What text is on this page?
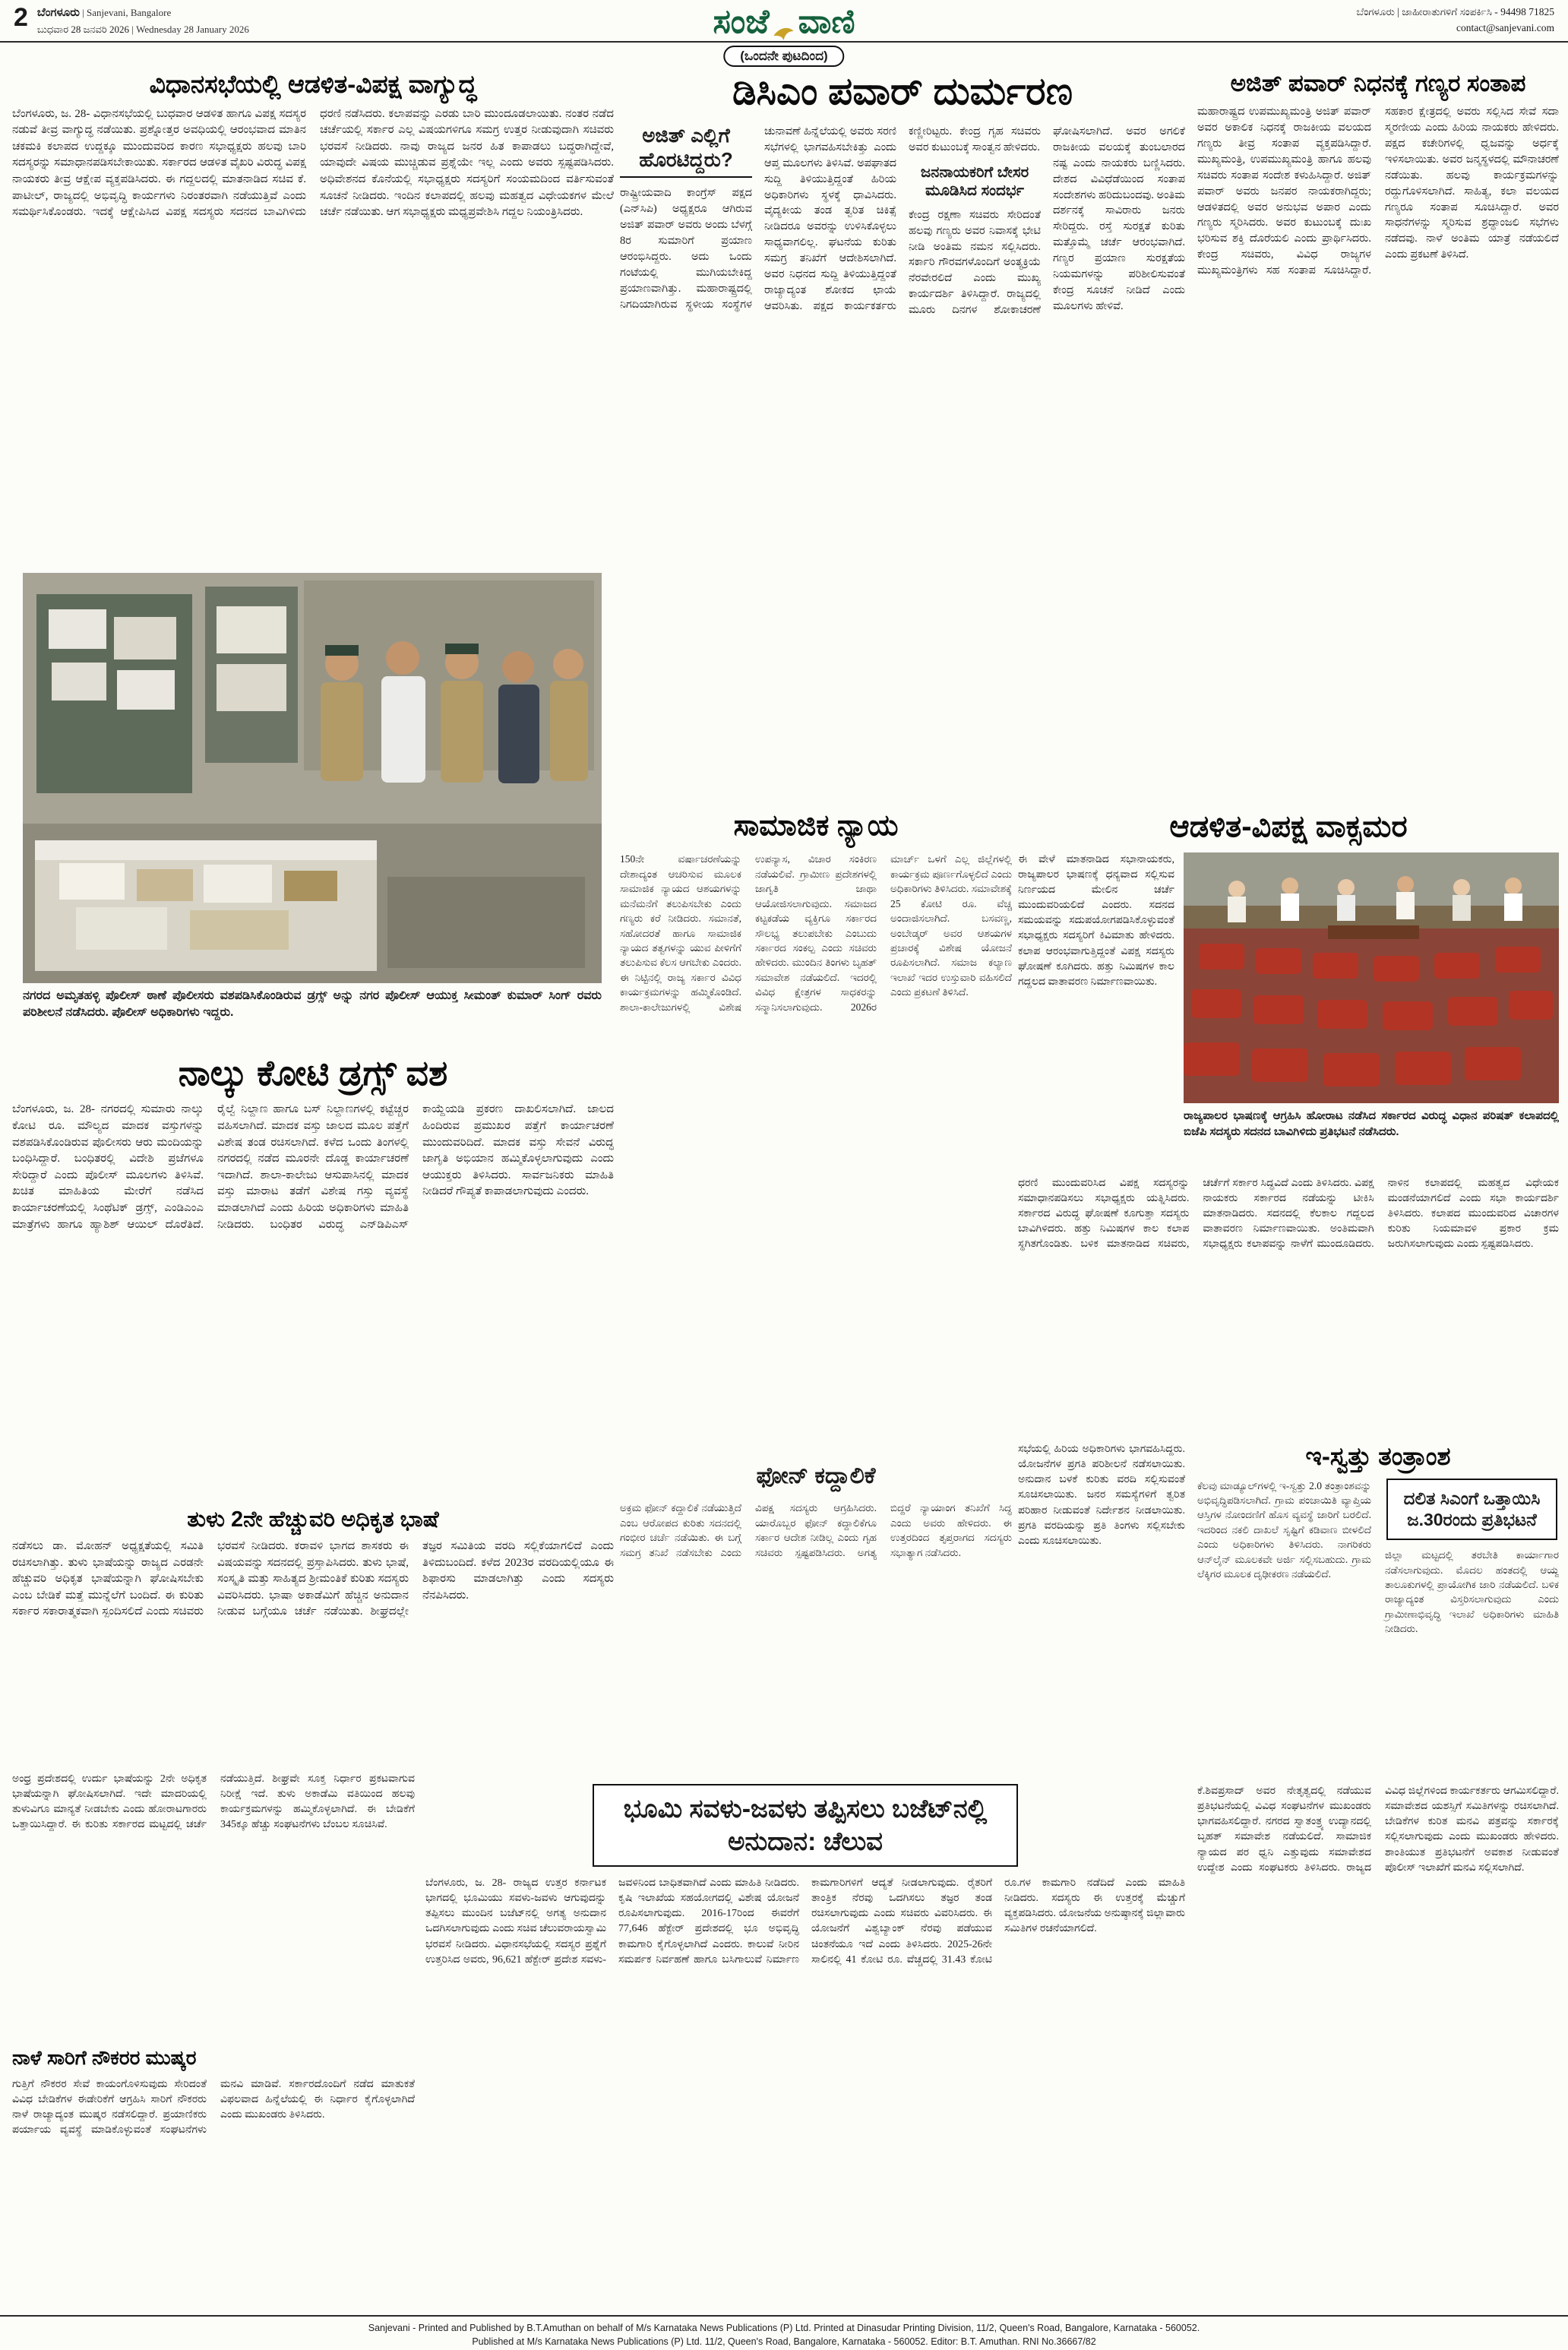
2 ಬೆಂಗಳೂರು | Sanjevani, Bangalore
ಬುಧವಾರ 28 ಜನವರಿ 2026 | Wednesday 28 January 2026	ಸಂಜೆ ವಾಣಿ	ಬೆಂಗಳೂರು | ಜಾಹೀರಾತುಗಳಿಗೆ ಸಂಪರ್ಕಿಸಿ - 94498 71825
contact@sanjevani.com
(ಒಂದನೇ ಪುಟದಿಂದ)
ವಿಧಾನಸಭೆಯಲ್ಲಿ ಆಡಳಿತ-ವಿಪಕ್ಷ ವಾಗ್ಯುದ್ಧ
ಬೆಂಗಳೂರು, ಜ. 28- ವಿಧಾನಸಭೆಯಲ್ಲಿ ಬುಧವಾರ ಆಡಳಿತ ಹಾಗೂ ವಿಪಕ್ಷ ಸದಸ್ಯರ ನಡುವೆ ತೀವ್ರ ವಾಗ್ಯುದ್ಧ ನಡೆಯಿತು. ಪ್ರಶ್ನೋತ್ತರ ಅವಧಿಯಲ್ಲಿ ಆರಂಭವಾದ ಮಾತಿನ ಚಕಮಕಿ ಕಲಾಪದ ಉದ್ದಕ್ಕೂ ಮುಂದುವರಿದ ಕಾರಣ ಸಭಾಧ್ಯಕ್ಷರು ಹಲವು ಬಾರಿ ಸದಸ್ಯರನ್ನು ಸಮಾಧಾನಪಡಿಸಬೇಕಾಯಿತು. ಸರ್ಕಾರದ ಆಡಳಿತ ವೈಖರಿ ವಿರುದ್ಧ ವಿಪಕ್ಷ ನಾಯಕರು ತೀವ್ರ ಆಕ್ಷೇಪ ವ್ಯಕ್ತಪಡಿಸಿದರು. ಈ ಗದ್ದಲದಲ್ಲಿ ಮಾತನಾಡಿದ ಸಚಿವ ಕೆ. ಪಾಟೀಲ್, ರಾಜ್ಯದಲ್ಲಿ ಅಭಿವೃದ್ಧಿ ಕಾರ್ಯಗಳು ನಿರಂತರವಾಗಿ ನಡೆಯುತ್ತಿವೆ ಎಂದು ಸಮರ್ಥಿಸಿಕೊಂಡರು. ಇದಕ್ಕೆ ಆಕ್ಷೇಪಿಸಿದ ವಿಪಕ್ಷ ಸದಸ್ಯರು ಸದನದ ಬಾವಿಗಿಳಿದು ಧರಣಿ ನಡೆಸಿದರು. ಕಲಾಪವನ್ನು ಎರಡು ಬಾರಿ ಮುಂದೂಡಲಾಯಿತು. ನಂತರ ನಡೆದ ಚರ್ಚೆಯಲ್ಲಿ ಸರ್ಕಾರ ಎಲ್ಲ ವಿಷಯಗಳಿಗೂ ಸಮಗ್ರ ಉತ್ತರ ನೀಡುವುದಾಗಿ ಸಚಿವರು ಭರವಸೆ ನೀಡಿದರು. ನಾವು ರಾಜ್ಯದ ಜನರ ಹಿತ ಕಾಪಾಡಲು ಬದ್ಧರಾಗಿದ್ದೇವೆ, ಯಾವುದೇ ವಿಷಯ ಮುಚ್ಚಿಡುವ ಪ್ರಶ್ನೆಯೇ ಇಲ್ಲ ಎಂದು ಅವರು ಸ್ಪಷ್ಟಪಡಿಸಿದರು. ಅಧಿವೇಶನದ ಕೊನೆಯಲ್ಲಿ ಸಭಾಧ್ಯಕ್ಷರು ಸದಸ್ಯರಿಗೆ ಸಂಯಮದಿಂದ ವರ್ತಿಸುವಂತೆ ಸೂಚನೆ ನೀಡಿದರು. ಇಂದಿನ ಕಲಾಪದಲ್ಲಿ ಹಲವು ಮಹತ್ವದ ವಿಧೇಯಕಗಳ ಮೇಲೆ ಚರ್ಚೆ ನಡೆಯಿತು. ಆಗ ಸಭಾಧ್ಯಕ್ಷರು ಮಧ್ಯಪ್ರವೇಶಿಸಿ ಗದ್ದಲ ನಿಯಂತ್ರಿಸಿದರು.
ನಗರದ ಅಮೃತಹಳ್ಳಿ ಪೊಲೀಸ್ ಠಾಣೆ ಪೊಲೀಸರು ವಶಪಡಿಸಿಕೊಂಡಿರುವ ಡ್ರಗ್ಸ್ ಅನ್ನು ನಗರ ಪೊಲೀಸ್ ಆಯುಕ್ತ ಸೀಮಂತ್ ಕುಮಾರ್ ಸಿಂಗ್ ರವರು ಪರಿಶೀಲನೆ ನಡೆಸಿದರು. ಪೊಲೀಸ್ ಅಧಿಕಾರಿಗಳು ಇದ್ದರು.
ನಾಲ್ಕು ಕೋಟಿ ಡ್ರಗ್ಸ್ ವಶ
ಬೆಂಗಳೂರು, ಜ. 28- ನಗರದಲ್ಲಿ ಸುಮಾರು ನಾಲ್ಕು ಕೋಟಿ ರೂ. ಮೌಲ್ಯದ ಮಾದಕ ವಸ್ತುಗಳನ್ನು ವಶಪಡಿಸಿಕೊಂಡಿರುವ ಪೊಲೀಸರು ಆರು ಮಂದಿಯನ್ನು ಬಂಧಿಸಿದ್ದಾರೆ. ಬಂಧಿತರಲ್ಲಿ ವಿದೇಶಿ ಪ್ರಜೆಗಳೂ ಸೇರಿದ್ದಾರೆ ಎಂದು ಪೊಲೀಸ್ ಮೂಲಗಳು ತಿಳಿಸಿವೆ. ಖಚಿತ ಮಾಹಿತಿಯ ಮೇರೆಗೆ ನಡೆಸಿದ ಕಾರ್ಯಾಚರಣೆಯಲ್ಲಿ ಸಿಂಥೆಟಿಕ್ ಡ್ರಗ್ಸ್, ಎಂಡಿಎಂಎ ಮಾತ್ರೆಗಳು ಹಾಗೂ ಹ್ಯಾಶಿಶ್ ಆಯಿಲ್ ದೊರೆತಿದೆ. ರೈಲ್ವೆ ನಿಲ್ದಾಣ ಹಾಗೂ ಬಸ್ ನಿಲ್ದಾಣಗಳಲ್ಲಿ ಕಟ್ಟೆಚ್ಚರ ವಹಿಸಲಾಗಿದೆ. ಮಾದಕ ವಸ್ತು ಜಾಲದ ಮೂಲ ಪತ್ತೆಗೆ ವಿಶೇಷ ತಂಡ ರಚಿಸಲಾಗಿದೆ. ಕಳೆದ ಒಂದು ತಿಂಗಳಲ್ಲಿ ನಗರದಲ್ಲಿ ನಡೆದ ಮೂರನೇ ದೊಡ್ಡ ಕಾರ್ಯಾಚರಣೆ ಇದಾಗಿದೆ. ಶಾಲಾ-ಕಾಲೇಜು ಆಸುಪಾಸಿನಲ್ಲಿ ಮಾದಕ ವಸ್ತು ಮಾರಾಟ ತಡೆಗೆ ವಿಶೇಷ ಗಸ್ತು ವ್ಯವಸ್ಥೆ ಮಾಡಲಾಗಿದೆ ಎಂದು ಹಿರಿಯ ಅಧಿಕಾರಿಗಳು ಮಾಹಿತಿ ನೀಡಿದರು. ಬಂಧಿತರ ವಿರುದ್ಧ ಎನ್‌ಡಿಪಿಎಸ್ ಕಾಯ್ದೆಯಡಿ ಪ್ರಕರಣ ದಾಖಲಿಸಲಾಗಿದೆ. ಜಾಲದ ಹಿಂದಿರುವ ಪ್ರಮುಖರ ಪತ್ತೆಗೆ ಕಾರ್ಯಾಚರಣೆ ಮುಂದುವರಿದಿದೆ. ಮಾದಕ ವಸ್ತು ಸೇವನೆ ವಿರುದ್ಧ ಜಾಗೃತಿ ಅಭಿಯಾನ ಹಮ್ಮಿಕೊಳ್ಳಲಾಗುವುದು ಎಂದು ಆಯುಕ್ತರು ತಿಳಿಸಿದರು. ಸಾರ್ವಜನಿಕರು ಮಾಹಿತಿ ನೀಡಿದರೆ ಗೌಪ್ಯತೆ ಕಾಪಾಡಲಾಗುವುದು ಎಂದರು.
ತುಳು 2ನೇ ಹೆಚ್ಚುವರಿ ಅಧಿಕೃತ ಭಾಷೆ
ನಡೆಸಲು ಡಾ. ಮೋಹನ್ ಅಧ್ಯಕ್ಷತೆಯಲ್ಲಿ ಸಮಿತಿ ರಚಿಸಲಾಗಿತ್ತು. ತುಳು ಭಾಷೆಯನ್ನು ರಾಜ್ಯದ ಎರಡನೇ ಹೆಚ್ಚುವರಿ ಅಧಿಕೃತ ಭಾಷೆಯನ್ನಾಗಿ ಘೋಷಿಸಬೇಕು ಎಂಬ ಬೇಡಿಕೆ ಮತ್ತೆ ಮುನ್ನೆಲೆಗೆ ಬಂದಿದೆ. ಈ ಕುರಿತು ಸರ್ಕಾರ ಸಕಾರಾತ್ಮಕವಾಗಿ ಸ್ಪಂದಿಸಲಿದೆ ಎಂದು ಸಚಿವರು ಭರವಸೆ ನೀಡಿದರು. ಕರಾವಳಿ ಭಾಗದ ಶಾಸಕರು ಈ ವಿಷಯವನ್ನು ಸದನದಲ್ಲಿ ಪ್ರಸ್ತಾಪಿಸಿದರು. ತುಳು ಭಾಷೆ, ಸಂಸ್ಕೃತಿ ಮತ್ತು ಸಾಹಿತ್ಯದ ಶ್ರೀಮಂತಿಕೆ ಕುರಿತು ಸದಸ್ಯರು ವಿವರಿಸಿದರು. ಭಾಷಾ ಅಕಾಡೆಮಿಗೆ ಹೆಚ್ಚಿನ ಅನುದಾನ ನೀಡುವ ಬಗ್ಗೆಯೂ ಚರ್ಚೆ ನಡೆಯಿತು. ಶೀಘ್ರದಲ್ಲೇ ತಜ್ಞರ ಸಮಿತಿಯ ವರದಿ ಸಲ್ಲಿಕೆಯಾಗಲಿದೆ ಎಂದು ತಿಳಿದುಬಂದಿದೆ. ಕಳೆದ 2023ರ ವರದಿಯಲ್ಲಿಯೂ ಈ ಶಿಫಾರಸು ಮಾಡಲಾಗಿತ್ತು ಎಂದು ಸದಸ್ಯರು ನೆನಪಿಸಿದರು.
ಅಂಧ್ರ ಪ್ರದೇಶದಲ್ಲಿ ಉರ್ದು ಭಾಷೆಯನ್ನು 2ನೇ ಅಧಿಕೃತ ಭಾಷೆಯನ್ನಾಗಿ ಘೋಷಿಸಲಾಗಿದೆ. ಇದೇ ಮಾದರಿಯಲ್ಲಿ ತುಳುವಿಗೂ ಮಾನ್ಯತೆ ನೀಡಬೇಕು ಎಂದು ಹೋರಾಟಗಾರರು ಒತ್ತಾಯಿಸಿದ್ದಾರೆ. ಈ ಕುರಿತು ಸರ್ಕಾರದ ಮಟ್ಟದಲ್ಲಿ ಚರ್ಚೆ ನಡೆಯುತ್ತಿದೆ. ಶೀಘ್ರವೇ ಸೂಕ್ತ ನಿರ್ಧಾರ ಪ್ರಕಟವಾಗುವ ನಿರೀಕ್ಷೆ ಇದೆ. ತುಳು ಅಕಾಡೆಮಿ ವತಿಯಿಂದ ಹಲವು ಕಾರ್ಯಕ್ರಮಗಳನ್ನು ಹಮ್ಮಿಕೊಳ್ಳಲಾಗಿದೆ. ಈ ಬೇಡಿಕೆಗೆ 345ಕ್ಕೂ ಹೆಚ್ಚು ಸಂಘಟನೆಗಳು ಬೆಂಬಲ ಸೂಚಿಸಿವೆ.
ನಾಳೆ ಸಾರಿಗೆ ನೌಕರರ ಮುಷ್ಕರ
ಗುತ್ತಿಗೆ ನೌಕರರ ಸೇವೆ ಕಾಯಂಗೊಳಿಸುವುದು ಸೇರಿದಂತೆ ವಿವಿಧ ಬೇಡಿಕೆಗಳ ಈಡೇರಿಕೆಗೆ ಆಗ್ರಹಿಸಿ ಸಾರಿಗೆ ನೌಕರರು ನಾಳೆ ರಾಜ್ಯಾದ್ಯಂತ ಮುಷ್ಕರ ನಡೆಸಲಿದ್ದಾರೆ. ಪ್ರಯಾಣಿಕರು ಪರ್ಯಾಯ ವ್ಯವಸ್ಥೆ ಮಾಡಿಕೊಳ್ಳುವಂತೆ ಸಂಘಟನೆಗಳು ಮನವಿ ಮಾಡಿವೆ. ಸರ್ಕಾರದೊಂದಿಗೆ ನಡೆದ ಮಾತುಕತೆ ವಿಫಲವಾದ ಹಿನ್ನೆಲೆಯಲ್ಲಿ ಈ ನಿರ್ಧಾರ ಕೈಗೊಳ್ಳಲಾಗಿದೆ ಎಂದು ಮುಖಂಡರು ತಿಳಿಸಿದರು.
ಡಿಸಿಎಂ ಪವಾರ್ ದುರ್ಮರಣ
ಅಜಿತ್ ಎಲ್ಲಿಗೆ ಹೊರಟಿದ್ದರು?
ರಾಷ್ಟ್ರೀಯವಾದಿ ಕಾಂಗ್ರೆಸ್ ಪಕ್ಷದ (ಎನ್‌ಸಿಪಿ) ಅಧ್ಯಕ್ಷರೂ ಆಗಿರುವ ಅಜಿತ್ ಪವಾರ್ ಅವರು ಅಂದು ಬೆಳಗ್ಗೆ 8ರ ಸುಮಾರಿಗೆ ಪ್ರಯಾಣ ಆರಂಭಿಸಿದ್ದರು. ಅದು ಒಂದು ಗಂಟೆಯಲ್ಲಿ ಮುಗಿಯಬೇಕಿದ್ದ ಪ್ರಯಾಣವಾಗಿತ್ತು. ಮಹಾರಾಷ್ಟ್ರದಲ್ಲಿ ನಿಗದಿಯಾಗಿರುವ ಸ್ಥಳೀಯ ಸಂಸ್ಥೆಗಳ ಚುನಾವಣೆ ಹಿನ್ನೆಲೆಯಲ್ಲಿ ಅವರು ಸರಣಿ ಸಭೆಗಳಲ್ಲಿ ಭಾಗವಹಿಸಬೇಕಿತ್ತು ಎಂದು ಆಪ್ತ ಮೂಲಗಳು ತಿಳಿಸಿವೆ. ಅಪಘಾತದ ಸುದ್ದಿ ತಿಳಿಯುತ್ತಿದ್ದಂತೆ ಹಿರಿಯ ಅಧಿಕಾರಿಗಳು ಸ್ಥಳಕ್ಕೆ ಧಾವಿಸಿದರು. ವೈದ್ಯಕೀಯ ತಂಡ ತ್ವರಿತ ಚಿಕಿತ್ಸೆ ನೀಡಿದರೂ ಅವರನ್ನು ಉಳಿಸಿಕೊಳ್ಳಲು ಸಾಧ್ಯವಾಗಲಿಲ್ಲ. ಘಟನೆಯ ಕುರಿತು ಸಮಗ್ರ ತನಿಖೆಗೆ ಆದೇಶಿಸಲಾಗಿದೆ. ಅವರ ನಿಧನದ ಸುದ್ದಿ ತಿಳಿಯುತ್ತಿದ್ದಂತೆ ರಾಜ್ಯಾದ್ಯಂತ ಶೋಕದ ಛಾಯೆ ಆವರಿಸಿತು. ಪಕ್ಷದ ಕಾರ್ಯಕರ್ತರು ಕಣ್ಣೀರಿಟ್ಟರು. ಕೇಂದ್ರ ಗೃಹ ಸಚಿವರು ಅವರ ಕುಟುಂಬಕ್ಕೆ ಸಾಂತ್ವನ ಹೇಳಿದರು.
ಜನನಾಯಕರಿಗೆ ಬೇಸರ ಮೂಡಿಸಿದ ಸಂದರ್ಭ
ಕೇಂದ್ರ ರಕ್ಷಣಾ ಸಚಿವರು ಸೇರಿದಂತೆ ಹಲವು ಗಣ್ಯರು ಅವರ ನಿವಾಸಕ್ಕೆ ಭೇಟಿ ನೀಡಿ ಅಂತಿಮ ನಮನ ಸಲ್ಲಿಸಿದರು. ಸರ್ಕಾರಿ ಗೌರವಗಳೊಂದಿಗೆ ಅಂತ್ಯಕ್ರಿಯೆ ನೆರವೇರಲಿದೆ ಎಂದು ಮುಖ್ಯ ಕಾರ್ಯದರ್ಶಿ ತಿಳಿಸಿದ್ದಾರೆ. ರಾಜ್ಯದಲ್ಲಿ ಮೂರು ದಿನಗಳ ಶೋಕಾಚರಣೆ ಘೋಷಿಸಲಾಗಿದೆ. ಅವರ ಅಗಲಿಕೆ ರಾಜಕೀಯ ವಲಯಕ್ಕೆ ತುಂಬಲಾರದ ನಷ್ಟ ಎಂದು ನಾಯಕರು ಬಣ್ಣಿಸಿದರು. ದೇಶದ ವಿವಿಧೆಡೆಯಿಂದ ಸಂತಾಪ ಸಂದೇಶಗಳು ಹರಿದುಬಂದವು. ಅಂತಿಮ ದರ್ಶನಕ್ಕೆ ಸಾವಿರಾರು ಜನರು ಸೇರಿದ್ದರು. ರಸ್ತೆ ಸುರಕ್ಷತೆ ಕುರಿತು ಮತ್ತೊಮ್ಮೆ ಚರ್ಚೆ ಆರಂಭವಾಗಿದೆ. ಗಣ್ಯರ ಪ್ರಯಾಣ ಸುರಕ್ಷತೆಯ ನಿಯಮಗಳನ್ನು ಪರಿಶೀಲಿಸುವಂತೆ ಕೇಂದ್ರ ಸೂಚನೆ ನೀಡಿದೆ ಎಂದು ಮೂಲಗಳು ಹೇಳಿವೆ.
ಸಾಮಾಜಿಕ ನ್ಯಾಯ
150ನೇ ವರ್ಷಾಚರಣೆಯನ್ನು ದೇಶಾದ್ಯಂತ ಆಚರಿಸುವ ಮೂಲಕ ಸಾಮಾಜಿಕ ನ್ಯಾಯದ ಆಶಯಗಳನ್ನು ಮನೆಮನೆಗೆ ತಲುಪಿಸಬೇಕು ಎಂದು ಗಣ್ಯರು ಕರೆ ನೀಡಿದರು. ಸಮಾನತೆ, ಸಹೋದರತೆ ಹಾಗೂ ಸಾಮಾಜಿಕ ನ್ಯಾಯದ ತತ್ವಗಳನ್ನು ಯುವ ಪೀಳಿಗೆಗೆ ತಲುಪಿಸುವ ಕೆಲಸ ಆಗಬೇಕು ಎಂದರು. ಈ ನಿಟ್ಟಿನಲ್ಲಿ ರಾಜ್ಯ ಸರ್ಕಾರ ವಿವಿಧ ಕಾರ್ಯಕ್ರಮಗಳನ್ನು ಹಮ್ಮಿಕೊಂಡಿದೆ. ಶಾಲಾ-ಕಾಲೇಜುಗಳಲ್ಲಿ ವಿಶೇಷ ಉಪನ್ಯಾಸ, ವಿಚಾರ ಸಂಕಿರಣ ನಡೆಯಲಿವೆ. ಗ್ರಾಮೀಣ ಪ್ರದೇಶಗಳಲ್ಲಿ ಜಾಗೃತಿ ಜಾಥಾ ಆಯೋಜಿಸಲಾಗುವುದು. ಸಮಾಜದ ಕಟ್ಟಕಡೆಯ ವ್ಯಕ್ತಿಗೂ ಸರ್ಕಾರದ ಸೌಲಭ್ಯ ತಲುಪಬೇಕು ಎಂಬುದು ಸರ್ಕಾರದ ಸಂಕಲ್ಪ ಎಂದು ಸಚಿವರು ಹೇಳಿದರು. ಮುಂದಿನ ತಿಂಗಳು ಬೃಹತ್ ಸಮಾವೇಶ ನಡೆಯಲಿದೆ. ಇದರಲ್ಲಿ ವಿವಿಧ ಕ್ಷೇತ್ರಗಳ ಸಾಧಕರನ್ನು ಸನ್ಮಾನಿಸಲಾಗುವುದು. 2026ರ ಮಾರ್ಚ್ ಒಳಗೆ ಎಲ್ಲ ಜಿಲ್ಲೆಗಳಲ್ಲಿ ಕಾರ್ಯಕ್ರಮ ಪೂರ್ಣಗೊಳ್ಳಲಿದೆ ಎಂದು ಅಧಿಕಾರಿಗಳು ತಿಳಿಸಿದರು. ಸಮಾವೇಶಕ್ಕೆ 25 ಕೋಟಿ ರೂ. ವೆಚ್ಚ ಅಂದಾಜಿಸಲಾಗಿದೆ. ಬಸವಣ್ಣ, ಅಂಬೇಡ್ಕರ್ ಅವರ ಆಶಯಗಳ ಪ್ರಚಾರಕ್ಕೆ ವಿಶೇಷ ಯೋಜನೆ ರೂಪಿಸಲಾಗಿದೆ. ಸಮಾಜ ಕಲ್ಯಾಣ ಇಲಾಖೆ ಇದರ ಉಸ್ತುವಾರಿ ವಹಿಸಲಿದೆ ಎಂದು ಪ್ರಕಟಣೆ ತಿಳಿಸಿದೆ.
ಫೋನ್ ಕದ್ದಾಲಿಕೆ
ಅಕ್ರಮ ಫೋನ್ ಕದ್ದಾಲಿಕೆ ನಡೆಯುತ್ತಿದೆ ಎಂಬ ಆರೋಪದ ಕುರಿತು ಸದನದಲ್ಲಿ ಗಂಭೀರ ಚರ್ಚೆ ನಡೆಯಿತು. ಈ ಬಗ್ಗೆ ಸಮಗ್ರ ತನಿಖೆ ನಡೆಸಬೇಕು ಎಂದು ವಿಪಕ್ಷ ಸದಸ್ಯರು ಆಗ್ರಹಿಸಿದರು. ಯಾರೊಬ್ಬರ ಫೋನ್ ಕದ್ದಾಲಿಕೆಗೂ ಸರ್ಕಾರ ಆದೇಶ ನೀಡಿಲ್ಲ ಎಂದು ಗೃಹ ಸಚಿವರು ಸ್ಪಷ್ಟಪಡಿಸಿದರು. ಅಗತ್ಯ ಬಿದ್ದರೆ ನ್ಯಾಯಾಂಗ ತನಿಖೆಗೆ ಸಿದ್ಧ ಎಂದು ಅವರು ಹೇಳಿದರು. ಈ ಉತ್ತರದಿಂದ ತೃಪ್ತರಾಗದ ಸದಸ್ಯರು ಸಭಾತ್ಯಾಗ ನಡೆಸಿದರು.
ಭೂಮಿ ಸವಳು-ಜವಳು ತಪ್ಪಿಸಲು ಬಜೆಟ್‌ನಲ್ಲಿ ಅನುದಾನ: ಚೆಲುವ
ಬೆಂಗಳೂರು, ಜ. 28- ರಾಜ್ಯದ ಉತ್ತರ ಕರ್ನಾಟಕ ಭಾಗದಲ್ಲಿ ಭೂಮಿಯು ಸವಳು-ಜವಳು ಆಗುವುದನ್ನು ತಪ್ಪಿಸಲು ಮುಂದಿನ ಬಜೆಟ್‌ನಲ್ಲಿ ಅಗತ್ಯ ಅನುದಾನ ಒದಗಿಸಲಾಗುವುದು ಎಂದು ಸಚಿವ ಚೆಲುವರಾಯಸ್ವಾಮಿ ಭರವಸೆ ನೀಡಿದರು. ವಿಧಾನಸಭೆಯಲ್ಲಿ ಸದಸ್ಯರ ಪ್ರಶ್ನೆಗೆ ಉತ್ತರಿಸಿದ ಅವರು, 96,621 ಹೆಕ್ಟೇರ್ ಪ್ರದೇಶ ಸವಳು-ಜವಳಿನಿಂದ ಬಾಧಿತವಾಗಿದೆ ಎಂದು ಮಾಹಿತಿ ನೀಡಿದರು. ಕೃಷಿ ಇಲಾಖೆಯ ಸಹಯೋಗದಲ್ಲಿ ವಿಶೇಷ ಯೋಜನೆ ರೂಪಿಸಲಾಗುವುದು. 2016-17ರಿಂದ ಈವರೆಗೆ 77,646 ಹೆಕ್ಟೇರ್ ಪ್ರದೇಶದಲ್ಲಿ ಭೂ ಅಭಿವೃದ್ಧಿ ಕಾಮಗಾರಿ ಕೈಗೊಳ್ಳಲಾಗಿದೆ ಎಂದರು. ಕಾಲುವೆ ನೀರಿನ ಸಮರ್ಪಕ ನಿರ್ವಹಣೆ ಹಾಗೂ ಬಸಿಗಾಲುವೆ ನಿರ್ಮಾಣ ಕಾಮಗಾರಿಗಳಿಗೆ ಆದ್ಯತೆ ನೀಡಲಾಗುವುದು. ರೈತರಿಗೆ ತಾಂತ್ರಿಕ ನೆರವು ಒದಗಿಸಲು ತಜ್ಞರ ತಂಡ ರಚಿಸಲಾಗುವುದು ಎಂದು ಸಚಿವರು ವಿವರಿಸಿದರು. ಈ ಯೋಜನೆಗೆ ವಿಶ್ವಬ್ಯಾಂಕ್ ನೆರವು ಪಡೆಯುವ ಚಿಂತನೆಯೂ ಇದೆ ಎಂದು ತಿಳಿಸಿದರು. 2025-26ನೇ ಸಾಲಿನಲ್ಲಿ 41 ಕೋಟಿ ರೂ. ವೆಚ್ಚದಲ್ಲಿ 31.43 ಕೋಟಿ ರೂ.ಗಳ ಕಾಮಗಾರಿ ನಡೆದಿದೆ ಎಂದು ಮಾಹಿತಿ ನೀಡಿದರು. ಸದಸ್ಯರು ಈ ಉತ್ತರಕ್ಕೆ ಮೆಚ್ಚುಗೆ ವ್ಯಕ್ತಪಡಿಸಿದರು. ಯೋಜನೆಯ ಅನುಷ್ಠಾನಕ್ಕೆ ಜಿಲ್ಲಾವಾರು ಸಮಿತಿಗಳ ರಚನೆಯಾಗಲಿದೆ.
ಅಜಿತ್ ಪವಾರ್ ನಿಧನಕ್ಕೆ ಗಣ್ಯರ ಸಂತಾಪ
ಮಹಾರಾಷ್ಟ್ರದ ಉಪಮುಖ್ಯಮಂತ್ರಿ ಅಜಿತ್ ಪವಾರ್ ಅವರ ಅಕಾಲಿಕ ನಿಧನಕ್ಕೆ ರಾಜಕೀಯ ವಲಯದ ಗಣ್ಯರು ತೀವ್ರ ಸಂತಾಪ ವ್ಯಕ್ತಪಡಿಸಿದ್ದಾರೆ. ಮುಖ್ಯಮಂತ್ರಿ, ಉಪಮುಖ್ಯಮಂತ್ರಿ ಹಾಗೂ ಹಲವು ಸಚಿವರು ಸಂತಾಪ ಸಂದೇಶ ಕಳುಹಿಸಿದ್ದಾರೆ. ಅಜಿತ್ ಪವಾರ್ ಅವರು ಜನಪರ ನಾಯಕರಾಗಿದ್ದರು; ಆಡಳಿತದಲ್ಲಿ ಅವರ ಅನುಭವ ಅಪಾರ ಎಂದು ಗಣ್ಯರು ಸ್ಮರಿಸಿದರು. ಅವರ ಕುಟುಂಬಕ್ಕೆ ದುಃಖ ಭರಿಸುವ ಶಕ್ತಿ ದೊರೆಯಲಿ ಎಂದು ಪ್ರಾರ್ಥಿಸಿದರು. ಕೇಂದ್ರ ಸಚಿವರು, ವಿವಿಧ ರಾಜ್ಯಗಳ ಮುಖ್ಯಮಂತ್ರಿಗಳು ಸಹ ಸಂತಾಪ ಸೂಚಿಸಿದ್ದಾರೆ. ಸಹಕಾರ ಕ್ಷೇತ್ರದಲ್ಲಿ ಅವರು ಸಲ್ಲಿಸಿದ ಸೇವೆ ಸದಾ ಸ್ಮರಣೀಯ ಎಂದು ಹಿರಿಯ ನಾಯಕರು ಹೇಳಿದರು. ಪಕ್ಷದ ಕಚೇರಿಗಳಲ್ಲಿ ಧ್ವಜವನ್ನು ಅರ್ಧಕ್ಕೆ ಇಳಿಸಲಾಯಿತು. ಅವರ ಜನ್ಮಸ್ಥಳದಲ್ಲಿ ಮೌನಾಚರಣೆ ನಡೆಯಿತು. ಹಲವು ಕಾರ್ಯಕ್ರಮಗಳನ್ನು ರದ್ದುಗೊಳಿಸಲಾಗಿದೆ. ಸಾಹಿತ್ಯ, ಕಲಾ ವಲಯದ ಗಣ್ಯರೂ ಸಂತಾಪ ಸೂಚಿಸಿದ್ದಾರೆ. ಅವರ ಸಾಧನೆಗಳನ್ನು ಸ್ಮರಿಸುವ ಶ್ರದ್ಧಾಂಜಲಿ ಸಭೆಗಳು ನಡೆದವು. ನಾಳೆ ಅಂತಿಮ ಯಾತ್ರೆ ನಡೆಯಲಿದೆ ಎಂದು ಪ್ರಕಟಣೆ ತಿಳಿಸಿದೆ.
ಆಡಳಿತ-ವಿಪಕ್ಷ ವಾಕ್ಸಮರ
ಈ ವೇಳೆ ಮಾತನಾಡಿದ ಸಭಾನಾಯಕರು, ರಾಜ್ಯಪಾಲರ ಭಾಷಣಕ್ಕೆ ಧನ್ಯವಾದ ಸಲ್ಲಿಸುವ ನಿರ್ಣಯದ ಮೇಲಿನ ಚರ್ಚೆ ಮುಂದುವರಿಯಲಿದೆ ಎಂದರು. ಸದನದ ಸಮಯವನ್ನು ಸದುಪಯೋಗಪಡಿಸಿಕೊಳ್ಳುವಂತೆ ಸಭಾಧ್ಯಕ್ಷರು ಸದಸ್ಯರಿಗೆ ಕಿವಿಮಾತು ಹೇಳಿದರು. ಕಲಾಪ ಆರಂಭವಾಗುತ್ತಿದ್ದಂತೆ ವಿಪಕ್ಷ ಸದಸ್ಯರು ಘೋಷಣೆ ಕೂಗಿದರು. ಹತ್ತು ನಿಮಿಷಗಳ ಕಾಲ ಗದ್ದಲದ ವಾತಾವರಣ ನಿರ್ಮಾಣವಾಯಿತು.
ರಾಜ್ಯಪಾಲರ ಭಾಷಣಕ್ಕೆ ಆಗ್ರಹಿಸಿ ಹೋರಾಟ ನಡೆಸಿದ ಸರ್ಕಾರದ ವಿರುದ್ಧ ವಿಧಾನ ಪರಿಷತ್ ಕಲಾಪದಲ್ಲಿ ಬಿಜೆಪಿ ಸದಸ್ಯರು ಸದನದ ಬಾವಿಗಿಳಿದು ಪ್ರತಿಭಟನೆ ನಡೆಸಿದರು.
ಧರಣಿ ಮುಂದುವರಿಸಿದ ವಿಪಕ್ಷ ಸದಸ್ಯರನ್ನು ಸಮಾಧಾನಪಡಿಸಲು ಸಭಾಧ್ಯಕ್ಷರು ಯತ್ನಿಸಿದರು. ಸರ್ಕಾರದ ವಿರುದ್ಧ ಘೋಷಣೆ ಕೂಗುತ್ತಾ ಸದಸ್ಯರು ಬಾವಿಗಿಳಿದರು. ಹತ್ತು ನಿಮಿಷಗಳ ಕಾಲ ಕಲಾಪ ಸ್ಥಗಿತಗೊಂಡಿತು. ಬಳಿಕ ಮಾತನಾಡಿದ ಸಚಿವರು, ಚರ್ಚೆಗೆ ಸರ್ಕಾರ ಸಿದ್ಧವಿದೆ ಎಂದು ತಿಳಿಸಿದರು. ವಿಪಕ್ಷ ನಾಯಕರು ಸರ್ಕಾರದ ನಡೆಯನ್ನು ಟೀಕಿಸಿ ಮಾತನಾಡಿದರು. ಸದನದಲ್ಲಿ ಕೆಲಕಾಲ ಗದ್ದಲದ ವಾತಾವರಣ ನಿರ್ಮಾಣವಾಯಿತು. ಅಂತಿಮವಾಗಿ ಸಭಾಧ್ಯಕ್ಷರು ಕಲಾಪವನ್ನು ನಾಳೆಗೆ ಮುಂದೂಡಿದರು. ನಾಳಿನ ಕಲಾಪದಲ್ಲಿ ಮಹತ್ವದ ವಿಧೇಯಕ ಮಂಡನೆಯಾಗಲಿದೆ ಎಂದು ಸಭಾ ಕಾರ್ಯದರ್ಶಿ ತಿಳಿಸಿದರು. ಕಲಾಪದ ಮುಂದುವರಿದ ವಿಚಾರಗಳ ಕುರಿತು ನಿಯಮಾವಳಿ ಪ್ರಕಾರ ಕ್ರಮ ಜರುಗಿಸಲಾಗುವುದು ಎಂದು ಸ್ಪಷ್ಟಪಡಿಸಿದರು.
ಸಭೆಯಲ್ಲಿ ಹಿರಿಯ ಅಧಿಕಾರಿಗಳು ಭಾಗವಹಿಸಿದ್ದರು. ಯೋಜನೆಗಳ ಪ್ರಗತಿ ಪರಿಶೀಲನೆ ನಡೆಸಲಾಯಿತು. ಅನುದಾನ ಬಳಕೆ ಕುರಿತು ವರದಿ ಸಲ್ಲಿಸುವಂತೆ ಸೂಚಿಸಲಾಯಿತು. ಜನರ ಸಮಸ್ಯೆಗಳಿಗೆ ತ್ವರಿತ ಪರಿಹಾರ ನೀಡುವಂತೆ ನಿರ್ದೇಶನ ನೀಡಲಾಯಿತು. ಪ್ರಗತಿ ವರದಿಯನ್ನು ಪ್ರತಿ ತಿಂಗಳು ಸಲ್ಲಿಸಬೇಕು ಎಂದು ಸೂಚಿಸಲಾಯಿತು.
ಇ-ಸ್ವತ್ತು ತಂತ್ರಾಂಶ
ಕೆಲವು ಮಾಡ್ಯೂಲ್‌ಗಳಲ್ಲಿ ಇ-ಸ್ವತ್ತು 2.0 ತಂತ್ರಾಂಶವನ್ನು ಅಭಿವೃದ್ಧಿಪಡಿಸಲಾಗಿದೆ. ಗ್ರಾಮ ಪಂಚಾಯಿತಿ ವ್ಯಾಪ್ತಿಯ ಆಸ್ತಿಗಳ ನೋಂದಣಿಗೆ ಹೊಸ ವ್ಯವಸ್ಥೆ ಜಾರಿಗೆ ಬರಲಿದೆ. ಇದರಿಂದ ನಕಲಿ ದಾಖಲೆ ಸೃಷ್ಟಿಗೆ ಕಡಿವಾಣ ಬೀಳಲಿದೆ ಎಂದು ಅಧಿಕಾರಿಗಳು ತಿಳಿಸಿದರು. ನಾಗರಿಕರು ಆನ್‌ಲೈನ್ ಮೂಲಕವೇ ಅರ್ಜಿ ಸಲ್ಲಿಸಬಹುದು. ಗ್ರಾಮ ಲೆಕ್ಕಿಗರ ಮೂಲಕ ದೃಢೀಕರಣ ನಡೆಯಲಿದೆ.
ದಲಿತ ಸಿಎಂಗೆ ಒತ್ತಾಯಿಸಿ ಜ.30ರಂದು ಪ್ರತಿಭಟನೆ
ಜಿಲ್ಲಾ ಮಟ್ಟದಲ್ಲಿ ತರಬೇತಿ ಕಾರ್ಯಾಗಾರ ನಡೆಸಲಾಗುವುದು. ಮೊದಲ ಹಂತದಲ್ಲಿ ಆಯ್ದ ತಾಲೂಕುಗಳಲ್ಲಿ ಪ್ರಾಯೋಗಿಕ ಜಾರಿ ನಡೆಯಲಿದೆ. ಬಳಿಕ ರಾಜ್ಯಾದ್ಯಂತ ವಿಸ್ತರಿಸಲಾಗುವುದು ಎಂದು ಗ್ರಾಮೀಣಾಭಿವೃದ್ಧಿ ಇಲಾಖೆ ಅಧಿಕಾರಿಗಳು ಮಾಹಿತಿ ನೀಡಿದರು.
ಕೆ.ಶಿವಪ್ರಸಾದ್ ಅವರ ನೇತೃತ್ವದಲ್ಲಿ ನಡೆಯುವ ಪ್ರತಿಭಟನೆಯಲ್ಲಿ ವಿವಿಧ ಸಂಘಟನೆಗಳ ಮುಖಂಡರು ಭಾಗವಹಿಸಲಿದ್ದಾರೆ. ನಗರದ ಸ್ವಾತಂತ್ರ್ಯ ಉದ್ಯಾನದಲ್ಲಿ ಬೃಹತ್ ಸಮಾವೇಶ ನಡೆಯಲಿದೆ. ಸಾಮಾಜಿಕ ನ್ಯಾಯದ ಪರ ಧ್ವನಿ ಎತ್ತುವುದು ಸಮಾವೇಶದ ಉದ್ದೇಶ ಎಂದು ಸಂಘಟಕರು ತಿಳಿಸಿದರು. ರಾಜ್ಯದ ವಿವಿಧ ಜಿಲ್ಲೆಗಳಿಂದ ಕಾರ್ಯಕರ್ತರು ಆಗಮಿಸಲಿದ್ದಾರೆ. ಸಮಾವೇಶದ ಯಶಸ್ಸಿಗೆ ಸಮಿತಿಗಳನ್ನು ರಚಿಸಲಾಗಿದೆ. ಬೇಡಿಕೆಗಳ ಕುರಿತ ಮನವಿ ಪತ್ರವನ್ನು ಸರ್ಕಾರಕ್ಕೆ ಸಲ್ಲಿಸಲಾಗುವುದು ಎಂದು ಮುಖಂಡರು ಹೇಳಿದರು. ಶಾಂತಿಯುತ ಪ್ರತಿಭಟನೆಗೆ ಅವಕಾಶ ನೀಡುವಂತೆ ಪೊಲೀಸ್ ಇಲಾಖೆಗೆ ಮನವಿ ಸಲ್ಲಿಸಲಾಗಿದೆ.
Sanjevani - Printed and Published by B.T.Amuthan on behalf of M/s Karnataka News Publications (P) Ltd. Printed at Dinasudar Printing Division, 11/2, Queen's Road, Bangalore, Karnataka - 560052.
Published at M/s Karnataka News Publications (P) Ltd. 11/2, Queen's Road, Bangalore, Karnataka - 560052. Editor: B.T. Amuthan. RNI No.36667/82
